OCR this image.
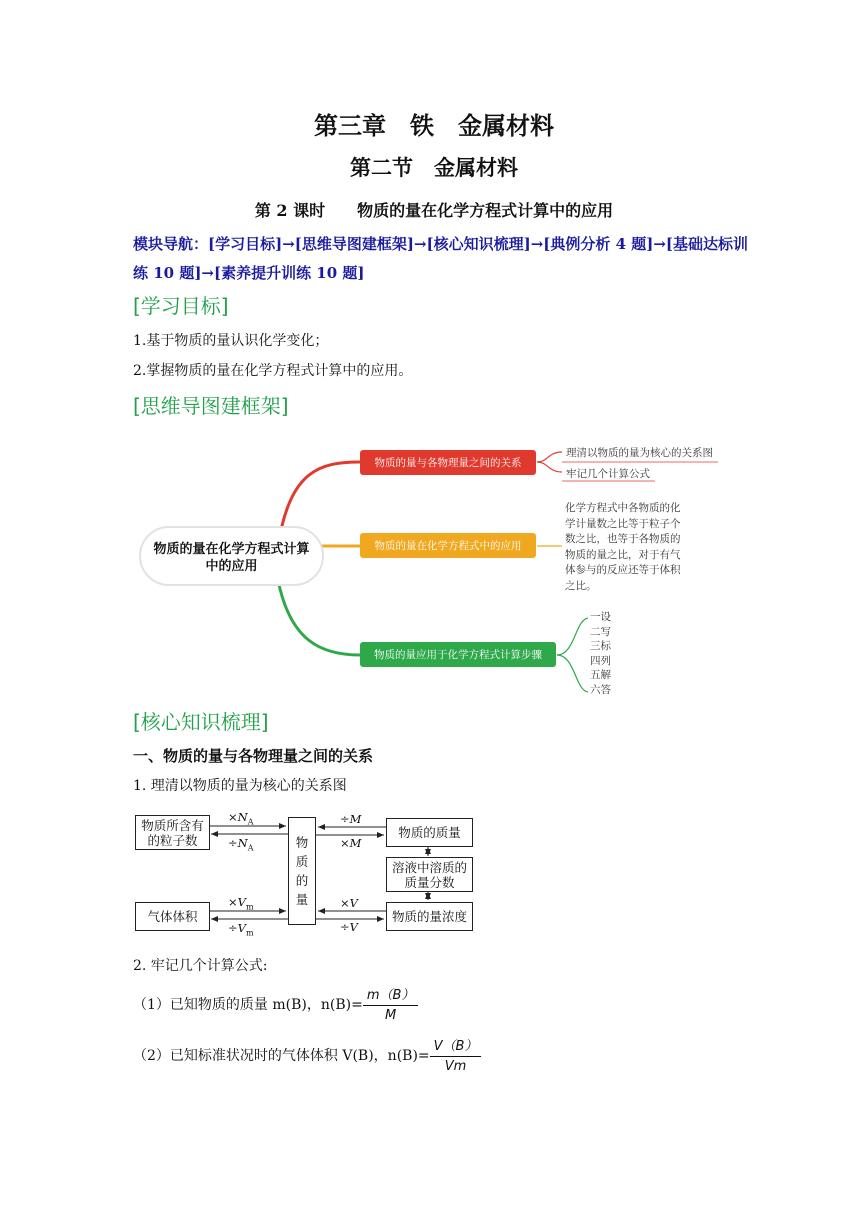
第三章　铁　金属材料
第二节　金属材料
第 2 课时　　物质的量在化学方程式计算中的应用
模块导航：[学习目标]→[思维导图建框架]→[核心知识梳理]→[典例分析 4 题]→[基础达标训练 10 题]→[素养提升训练 10 题]
[学习目标]
1.基于物质的量认识化学变化；
2.掌握物质的量在化学方程式计算中的应用。
[思维导图建框架]
物质的量在化学方程式计算中的应用
物质的量与各物理量之间的关系
物质的量在化学方程式中的应用
物质的量应用于化学方程式计算步骤
理清以物质的量为核心的关系图
牢记几个计算公式
化学方程式中各物质的化学计量数之比等于粒子个数之比，也等于各物质的物质的量之比，对于有气体参与的反应还等于体积之比。
一设
二写
三标
四列
五解
六答
[核心知识梳理]
一、物质的量与各物理量之间的关系
1. 理清以物质的量为核心的关系图
物质所含有的粒子数
气体体积
物质的量
物质的质量
溶液中溶质的质量分数
物质的量浓度
$\times N_A$
$\div N_A$
$\times V_m$
$\div V_m$
÷M
×M
×V
÷V
2. 牢记几个计算公式:
（1）已知物质的质量 m(B)，$n(B)= \frac{m(B)}{M}$
（2）已知标准状况时的气体体积 V(B)，$n(B)= \frac{V(B)}{Vm}$
